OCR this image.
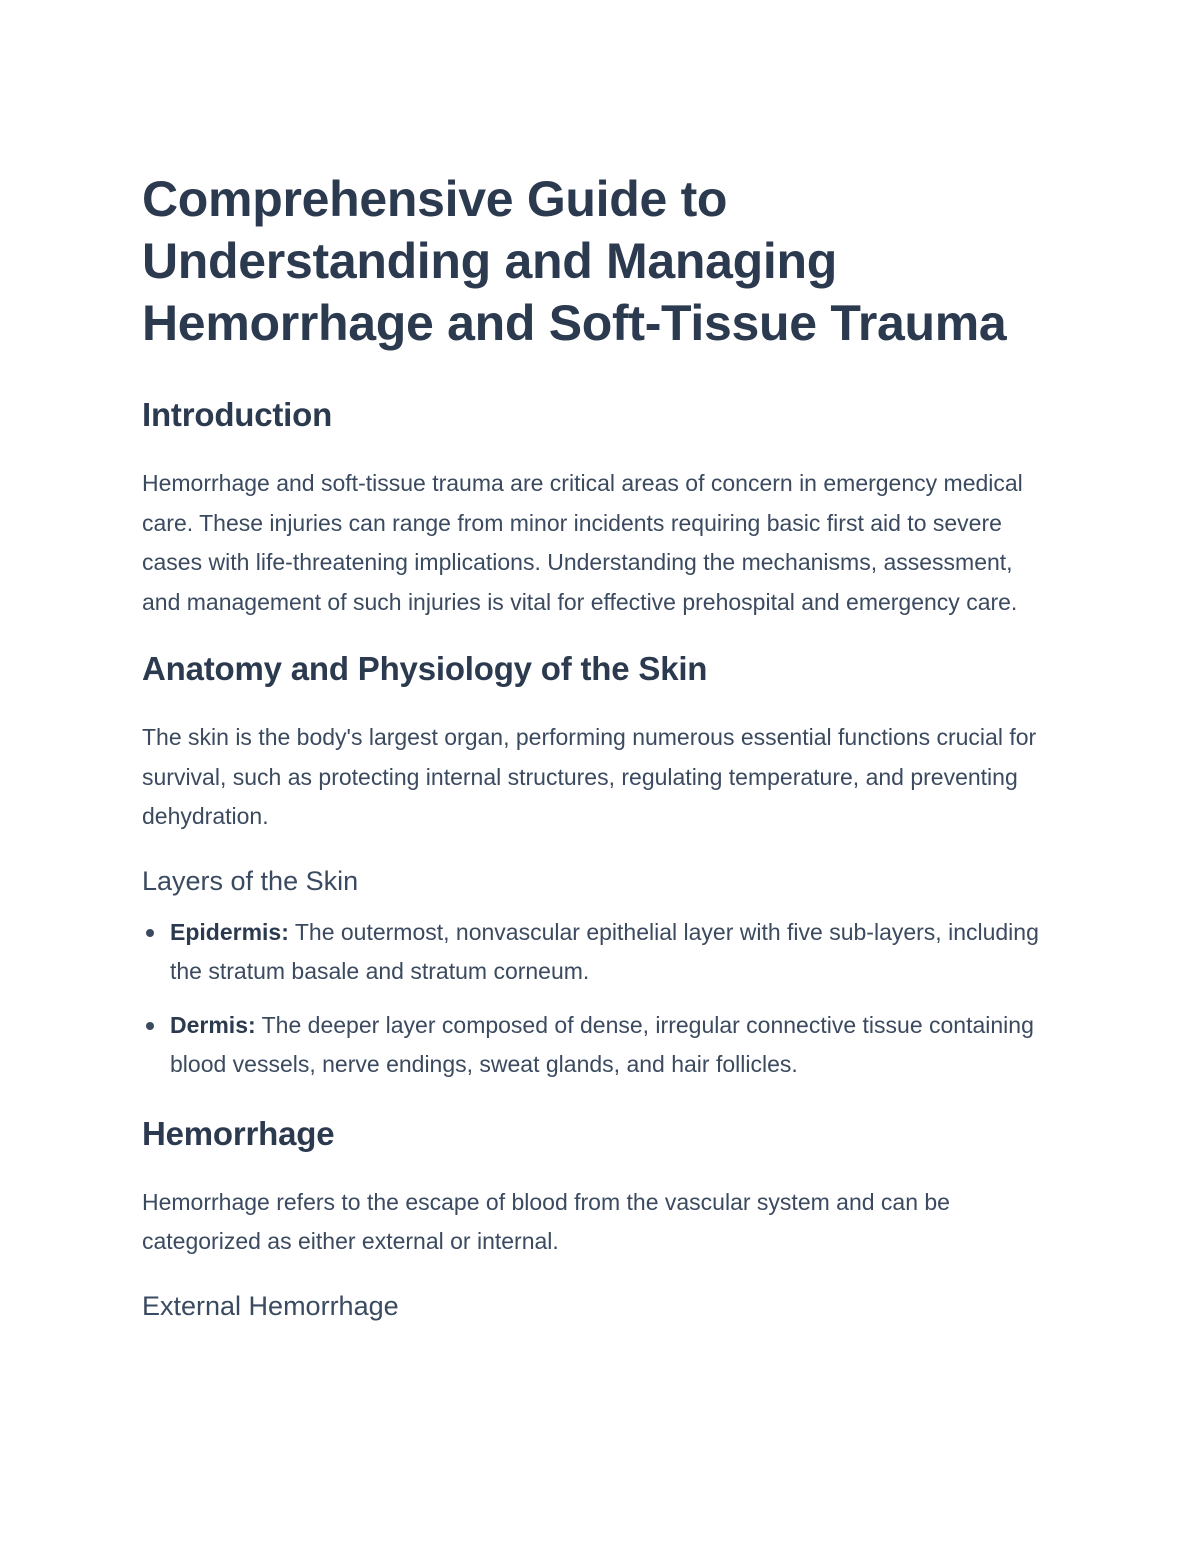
Comprehensive Guide to Understanding and Managing Hemorrhage and Soft-Tissue Trauma
Introduction

Hemorrhage and soft-tissue trauma are critical areas of concern in emergency medical care. These injuries can range from minor incidents requiring basic first aid to severe cases with life-threatening implications. Understanding the mechanisms, assessment, and management of such injuries is vital for effective prehospital and emergency care.

Anatomy and Physiology of the Skin

The skin is the body's largest organ, performing numerous essential functions crucial for survival, such as protecting internal structures, regulating temperature, and preventing dehydration.

Layers of the Skin
Epidermis: The outermost, nonvascular epithelial layer with five sub-layers, including the stratum basale and stratum corneum.
Dermis: The deeper layer composed of dense, irregular connective tissue containing blood vessels, nerve endings, sweat glands, and hair follicles.
Hemorrhage

Hemorrhage refers to the escape of blood from the vascular system and can be categorized as either external or internal.

External Hemorrhage
